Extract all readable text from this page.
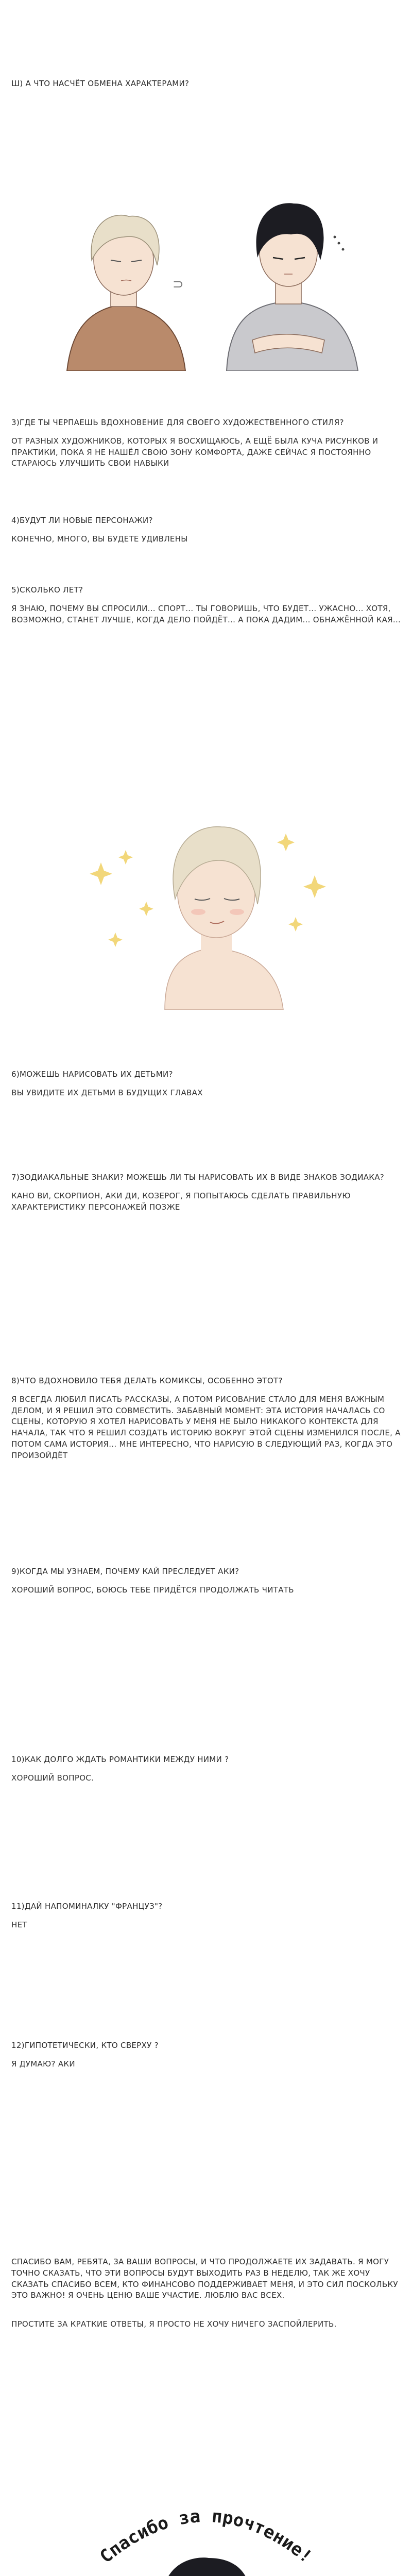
Ш) А ЧТО НАСЧЁТ ОБМЕНА ХАРАКТЕРАМИ?

⊃

3)ГДЕ ТЫ ЧЕРПАЕШЬ ВДОХНОВЕНИЕ ДЛЯ СВОЕГО ХУДОЖЕСТВЕННОГО СТИЛЯ?

ОТ РАЗНЫХ ХУДОЖНИКОВ, КОТОРЫХ Я ВОСХИЩАЮСЬ, А ЕЩЁ БЫЛА КУЧА РИСУНКОВ И ПРАКТИКИ, ПОКА Я НЕ НАШЁЛ СВОЮ ЗОНУ КОМФОРТА, ДАЖЕ СЕЙЧАС Я ПОСТОЯННО СТАРАЮСЬ УЛУЧШИТЬ СВОИ НАВЫКИ

4)БУДУТ ЛИ НОВЫЕ ПЕРСОНАЖИ?

КОНЕЧНО, МНОГО, ВЫ БУДЕТЕ УДИВЛЕНЫ

5)СКОЛЬКО ЛЕТ?

Я ЗНАЮ, ПОЧЕМУ ВЫ СПРОСИЛИ... СПОРТ... ТЫ ГОВОРИШЬ, ЧТО БУДЕТ... УЖАСНО... ХОТЯ, ВОЗМОЖНО, СТАНЕТ ЛУЧШЕ, КОГДА ДЕЛО ПОЙДЁТ... А ПОКА ДАДИМ... ОБНАЖЁННОЙ КАЯ...

6)МОЖЕШЬ НАРИСОВАТЬ ИХ ДЕТЬМИ?

ВЫ УВИДИТЕ ИХ ДЕТЬМИ В БУДУЩИХ ГЛАВАХ

7)ЗОДИАКАЛЬНЫЕ ЗНАКИ? МОЖЕШЬ ЛИ ТЫ НАРИСОВАТЬ ИХ В ВИДЕ ЗНАКОВ ЗОДИАКА?

КАНО ВИ, СКОРПИОН, АКИ ДИ, КОЗЕРОГ, Я ПОПЫТАЮСЬ СДЕЛАТЬ ПРАВИЛЬНУЮ ХАРАКТЕРИСТИКУ ПЕРСОНАЖЕЙ ПОЗЖЕ

8)ЧТО ВДОХНОВИЛО ТЕБЯ ДЕЛАТЬ КОМИКСЫ, ОСОБЕННО ЭТОТ?

Я ВСЕГДА ЛЮБИЛ ПИСАТЬ РАССКАЗЫ, А ПОТОМ РИСОВАНИЕ СТАЛО ДЛЯ МЕНЯ ВАЖНЫМ ДЕЛОМ, И Я РЕШИЛ ЭТО СОВМЕСТИТЬ. ЗАБАВНЫЙ МОМЕНТ: ЭТА ИСТОРИЯ НАЧАЛАСЬ СО СЦЕНЫ, КОТОРУЮ Я ХОТЕЛ НАРИСОВАТЬ У МЕНЯ НЕ БЫЛО НИКАКОГО КОНТЕКСТА ДЛЯ НАЧАЛА, ТАК ЧТО Я РЕШИЛ СОЗДАТЬ ИСТОРИЮ ВОКРУГ ЭТОЙ СЦЕНЫ ИЗМЕНИЛСЯ ПОСЛЕ, А ПОТОМ САМА ИСТОРИЯ... МНЕ ИНТЕРЕСНО, ЧТО НАРИСУЮ В СЛЕДУЮЩИЙ РАЗ, КОГДА ЭТО ПРОИЗОЙДЁТ

9)КОГДА МЫ УЗНАЕМ, ПОЧЕМУ КАЙ ПРЕСЛЕДУЕТ АКИ?

ХОРОШИЙ ВОПРОС, БОЮСЬ ТЕБЕ ПРИДЁТСЯ ПРОДОЛЖАТЬ ЧИТАТЬ

10)КАК ДОЛГО ЖДАТЬ РОМАНТИКИ МЕЖДУ НИМИ ?

ХОРОШИЙ ВОПРОС.

11)ДАЙ НАПОМИНАЛКУ "ФРАНЦУЗ"?

НЕТ

12)ГИПОТЕТИЧЕСКИ, КТО СВЕРХУ ?

Я ДУМАЮ? АКИ

СПАСИБО ВАМ, РЕБЯТА, ЗА ВАШИ ВОПРОСЫ, И ЧТО ПРОДОЛЖАЕТЕ ИХ ЗАДАВАТЬ. Я МОГУ ТОЧНО СКАЗАТЬ, ЧТО ЭТИ ВОПРОСЫ БУДУТ ВЫХОДИТЬ РАЗ В НЕДЕЛЮ, ТАК ЖЕ ХОЧУ СКАЗАТЬ СПАСИБО ВСЕМ, КТО ФИНАНСОВО ПОДДЕРЖИВАЕТ МЕНЯ, И ЭТО СИЛ ПОСКОЛЬКУ ЭТО ВАЖНО! Я ОЧЕНЬ ЦЕНЮ ВАШЕ УЧАСТИЕ. ЛЮБЛЮ ВАС ВСЕХ.

ПРОСТИТЕ ЗА КРАТКИЕ ОТВЕТЫ, Я ПРОСТО НЕ ХОЧУ НИЧЕГО ЗАСПОЙЛЕРИТЬ.

Спасибо за прочтение!
